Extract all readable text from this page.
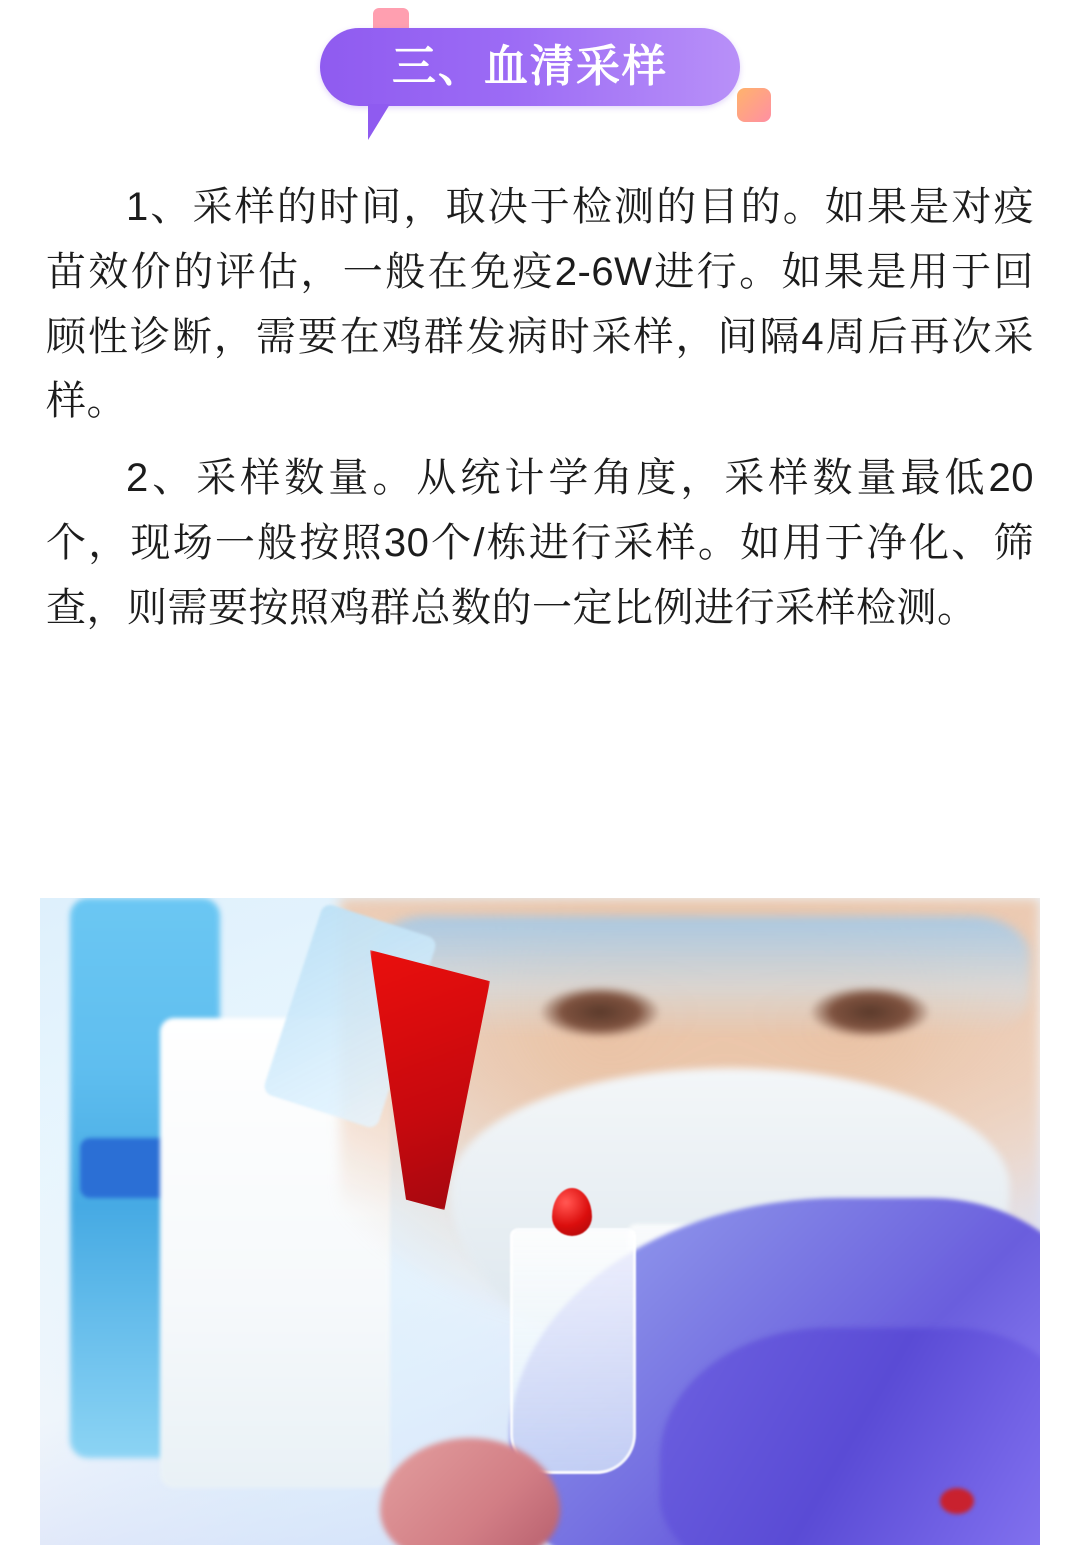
三、血清采样

1、采样的时间，取决于检测的目的。如果是对疫苗效价的评估，一般在免疫2-6W进行。如果是用于回顾性诊断，需要在鸡群发病时采样，间隔4周后再次采样。

2、采样数量。从统计学角度，采样数量最低20个，现场一般按照30个/栋进行采样。如用于净化、筛查，则需要按照鸡群总数的一定比例进行采样检测。
